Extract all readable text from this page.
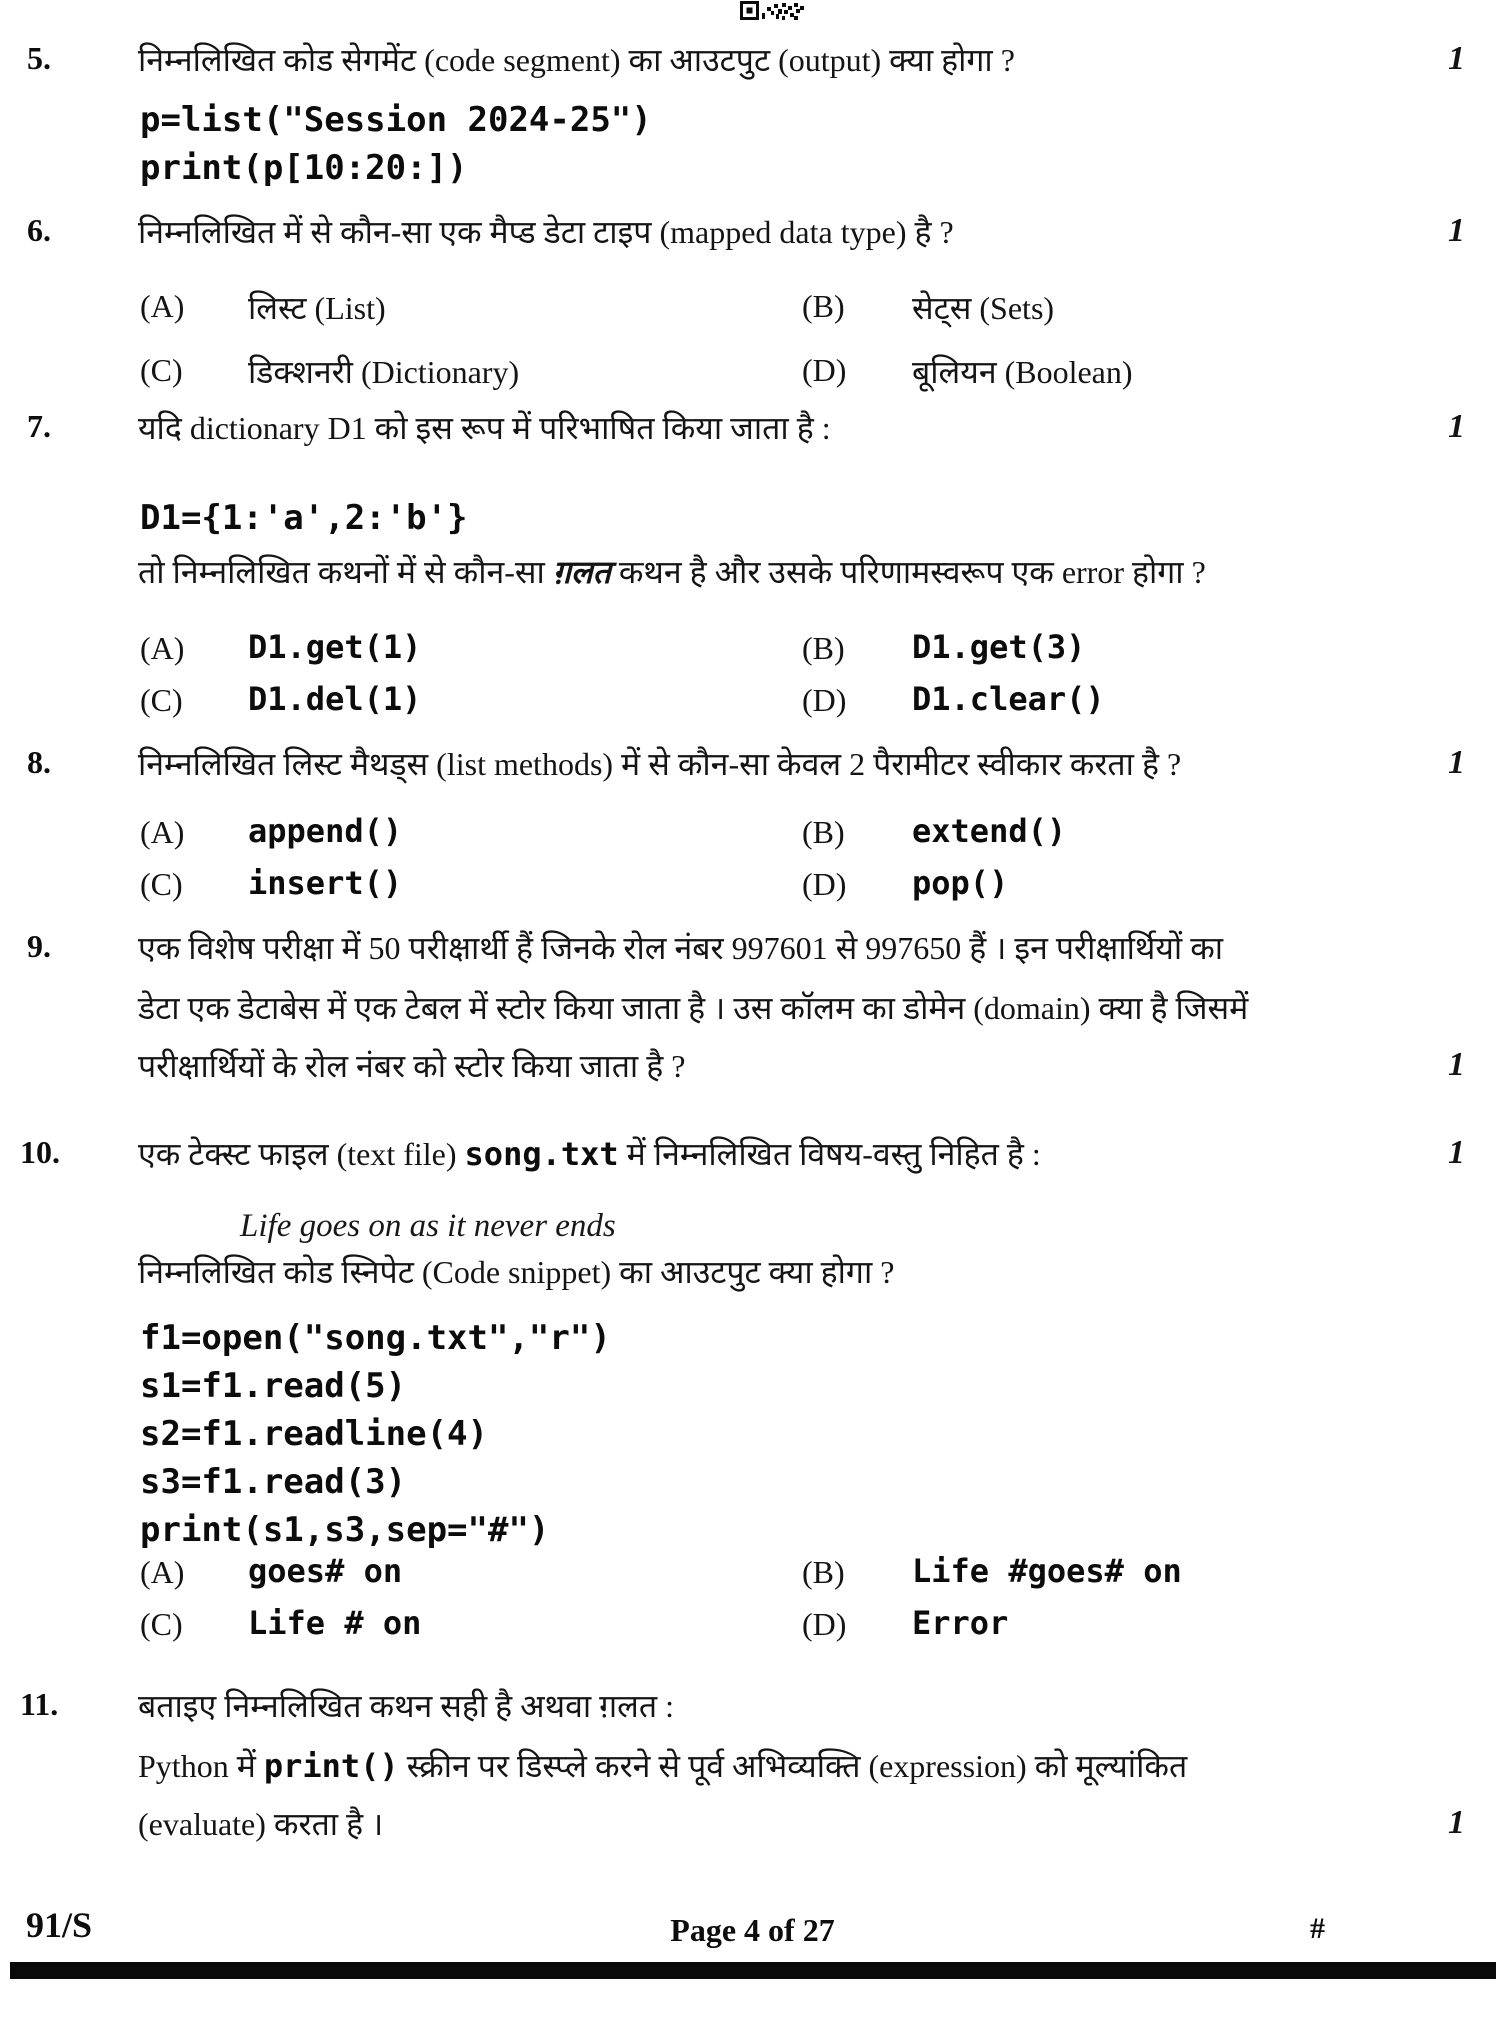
5.	निम्नलिखित कोड सेगमेंट (code segment) का आउटपुट (output) क्या होगा ?	1
p=list("Session 2024-25")
print(p[10:20:])
6.	निम्नलिखित में से कौन-सा एक मैप्ड डेटा टाइप (mapped data type) है ?	1
(A) लिस्ट (List)	(B) सेट्स (Sets)
(C) डिक्शनरी (Dictionary)	(D) बूलियन (Boolean)
7.	यदि dictionary D1 को इस रूप में परिभाषित किया जाता है :	1
D1={1:'a',2:'b'}
तो निम्नलिखित कथनों में से कौन-सा ग़लत कथन है और उसके परिणामस्वरूप एक error होगा ?
(A) D1.get(1)	(B) D1.get(3)
(C) D1.del(1)	(D) D1.clear()
8.	निम्नलिखित लिस्ट मैथड्स (list methods) में से कौन-सा केवल 2 पैरामीटर स्वीकार करता है ?	1
(A) append()	(B) extend()
(C) insert()	(D) pop()
9.	एक विशेष परीक्षा में 50 परीक्षार्थी हैं जिनके रोल नंबर 997601 से 997650 हैं । इन परीक्षार्थियों का
डेटा एक डेटाबेस में एक टेबल में स्टोर किया जाता है । उस कॉलम का डोमेन (domain) क्या है जिसमें
परीक्षार्थियों के रोल नंबर को स्टोर किया जाता है ?	1
10. एक टेक्स्ट फाइल (text file) song.txt में निम्नलिखित विषय-वस्तु निहित है :	1
Life goes on as it never ends
निम्नलिखित कोड स्निपेट (Code snippet) का आउटपुट क्या होगा ?
f1=open("song.txt","r")
s1=f1.read(5)
s2=f1.readline(4)
s3=f1.read(3)
print(s1,s3,sep="#")
(A) goes# on	(B) Life #goes# on
(C) Life # on	(D) Error
11. बताइए निम्नलिखित कथन सही है अथवा ग़लत :
Python में print() स्क्रीन पर डिस्प्ले करने से पूर्व अभिव्यक्ति (expression) को मूल्यांकित
(evaluate) करता है ।	1
91/S	Page 4 of 27	#
